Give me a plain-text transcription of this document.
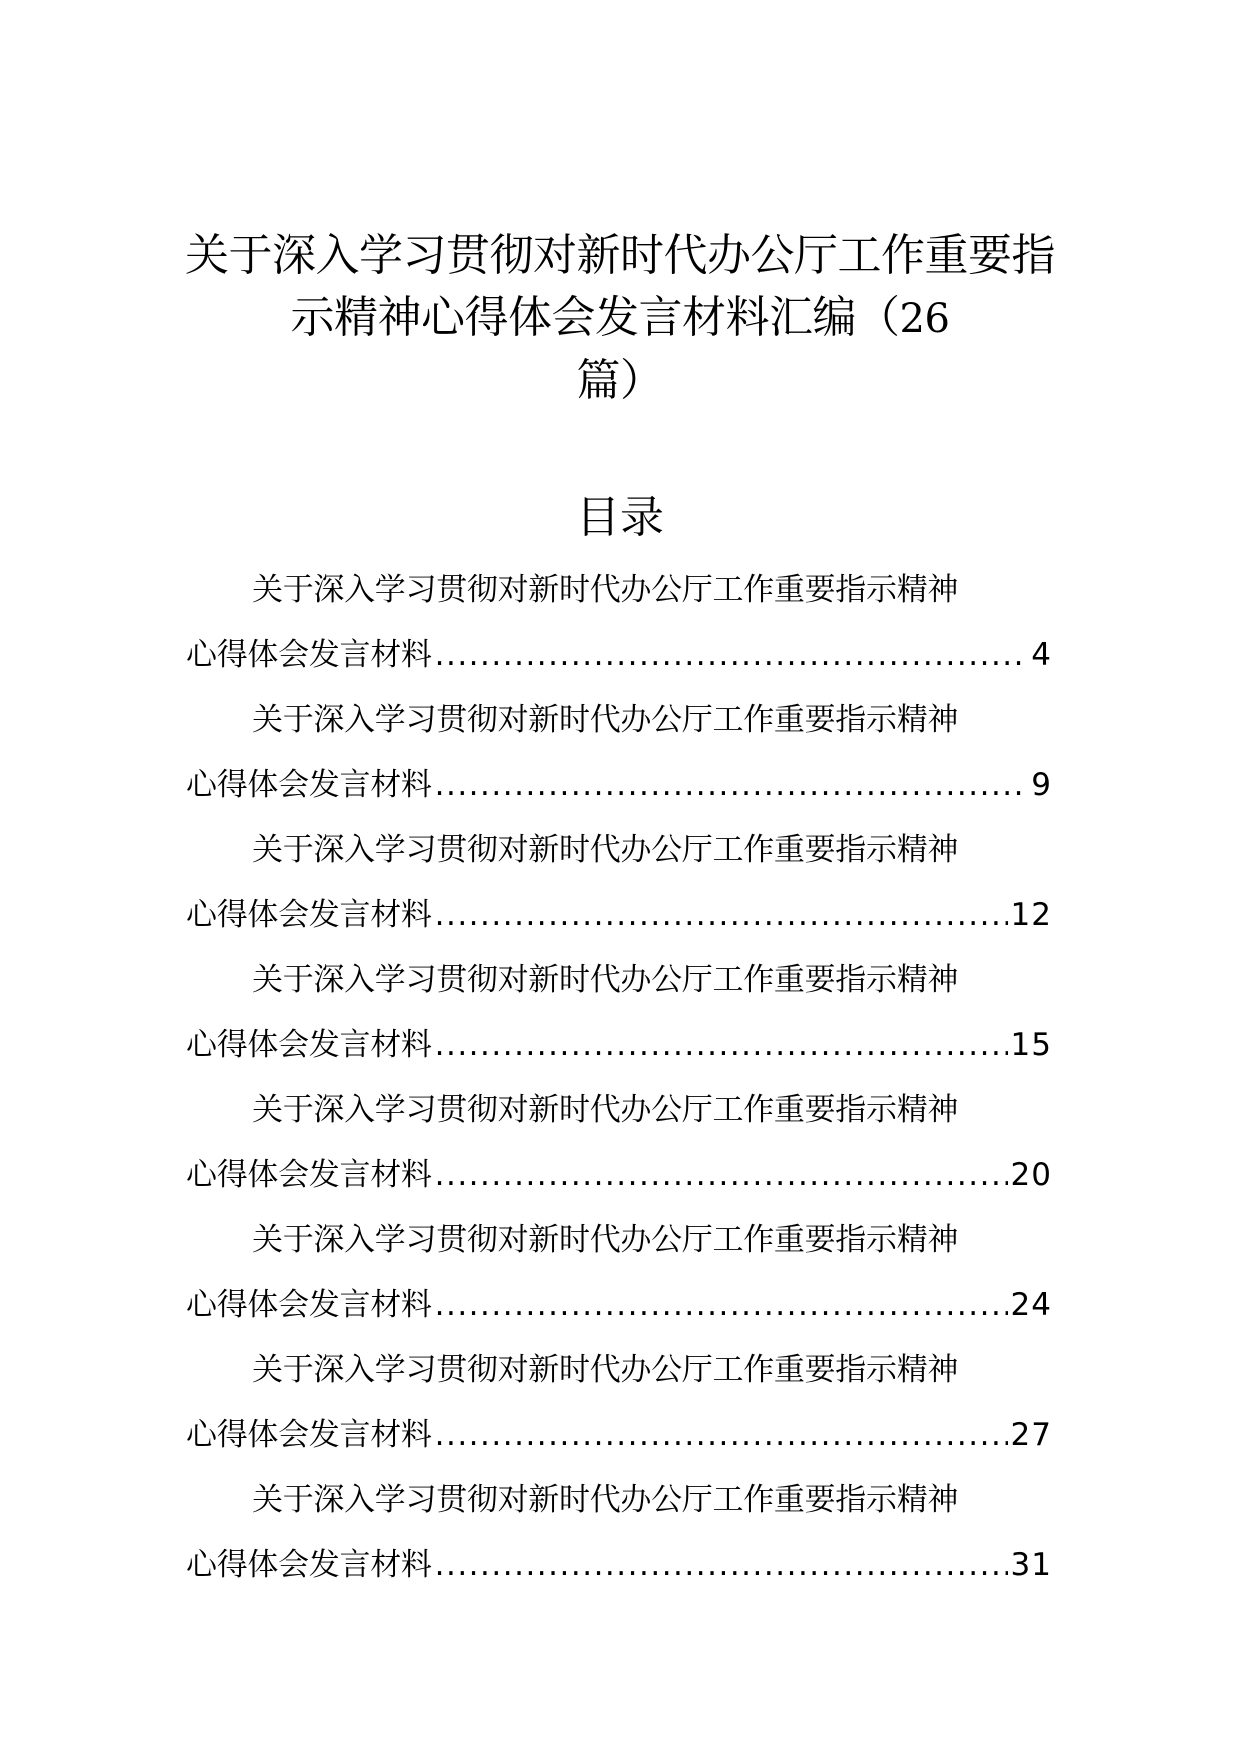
关于深入学习贯彻对新时代办公厅工作重要指示精神心得体会发言材料汇编（26
篇）
目录
关于深入学习贯彻对新时代办公厅工作重要指示精神
心得体会发言材料 .....	4
关于深入学习贯彻对新时代办公厅工作重要指示精神
心得体会发言材料 .....	9
关于深入学习贯彻对新时代办公厅工作重要指示精神
心得体会发言材料 .....	12
关于深入学习贯彻对新时代办公厅工作重要指示精神
心得体会发言材料 .....	15
关于深入学习贯彻对新时代办公厅工作重要指示精神
心得体会发言材料 .....	20
关于深入学习贯彻对新时代办公厅工作重要指示精神
心得体会发言材料 .....	24
关于深入学习贯彻对新时代办公厅工作重要指示精神
心得体会发言材料 .....	27
关于深入学习贯彻对新时代办公厅工作重要指示精神
心得体会发言材料 .....	31
